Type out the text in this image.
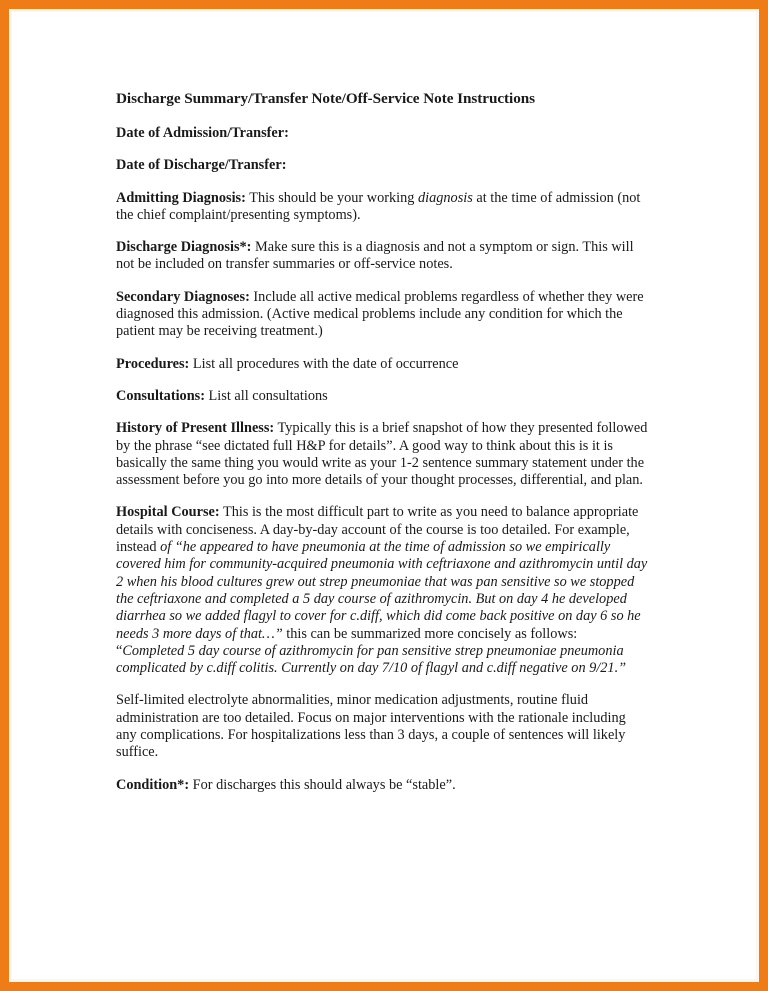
Discharge Summary/Transfer Note/Off-Service Note Instructions

Date of Admission/Transfer:

Date of Discharge/Transfer:

Admitting Diagnosis: This should be your working diagnosis at the time of admission (not the chief complaint/presenting symptoms).

Discharge Diagnosis*: Make sure this is a diagnosis and not a symptom or sign. This will not be included on transfer summaries or off-service notes.

Secondary Diagnoses: Include all active medical problems regardless of whether they were diagnosed this admission. (Active medical problems include any condition for which the patient may be receiving treatment.)

Procedures: List all procedures with the date of occurrence

Consultations: List all consultations

History of Present Illness: Typically this is a brief snapshot of how they presented followed by the phrase “see dictated full H&P for details”. A good way to think about this is it is basically the same thing you would write as your 1-2 sentence summary statement under the assessment before you go into more details of your thought processes, differential, and plan.

Hospital Course: This is the most difficult part to write as you need to balance appropriate details with conciseness. A day-by-day account of the course is too detailed. For example, instead of “he appeared to have pneumonia at the time of admission so we empirically covered him for community-acquired pneumonia with ceftriaxone and azithromycin until day 2 when his blood cultures grew out strep pneumoniae that was pan sensitive so we stopped the ceftriaxone and completed a 5 day course of azithromycin. But on day 4 he developed diarrhea so we added flagyl to cover for c.diff, which did come back positive on day 6 so he needs 3 more days of that…” this can be summarized more concisely as follows: “Completed 5 day course of azithromycin for pan sensitive strep pneumoniae pneumonia complicated by c.diff colitis. Currently on day 7/10 of flagyl and c.diff negative on 9/21.”

Self-limited electrolyte abnormalities, minor medication adjustments, routine fluid administration are too detailed. Focus on major interventions with the rationale including any complications. For hospitalizations less than 3 days, a couple of sentences will likely suffice.

Condition*: For discharges this should always be “stable”.
